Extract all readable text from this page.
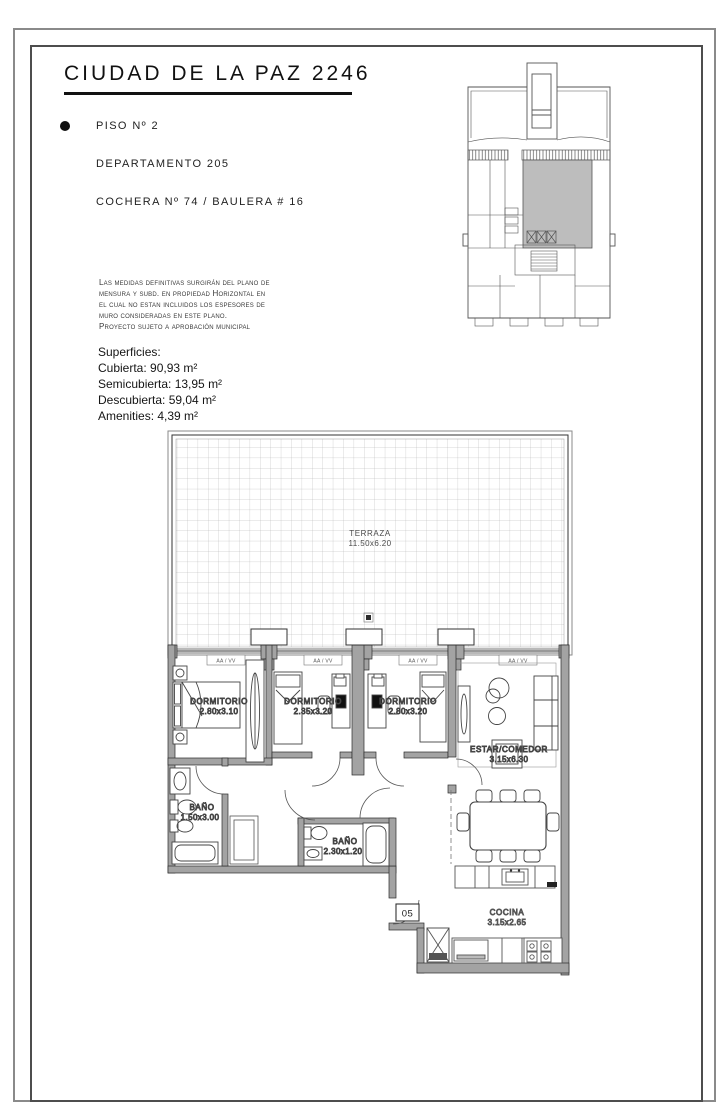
CIUDAD DE LA PAZ 2246
PISO Nº 2
DEPARTAMENTO 205
COCHERA Nº 74 / BAULERA # 16
Las medidas definitivas surgirán del plano de
mensura y subd. en propiedad Horizontal en
el cual no estan incluidos los espesores de
muro consideradas en este plano.
Proyecto sujeto a aprobación municipal
Superficies:
Cubierta: 90,93 m²
Semicubierta: 13,95 m²
Descubierta: 59,04 m²
Amenities: 4,39 m²
TERRAZA
11.50x6.20
AA / VV	AA / VV	AA / VV	AA / VV
DORMITORIO
2.80x3.10
DORMITORIO
2.35x3.20
DORMITORIO
2.80x3.20
ESTAR/COMEDOR
3.15x6.30
BAÑO
1.50x3.00
BAÑO
2.30x1.20
COCINA
3.15x2.65
05
